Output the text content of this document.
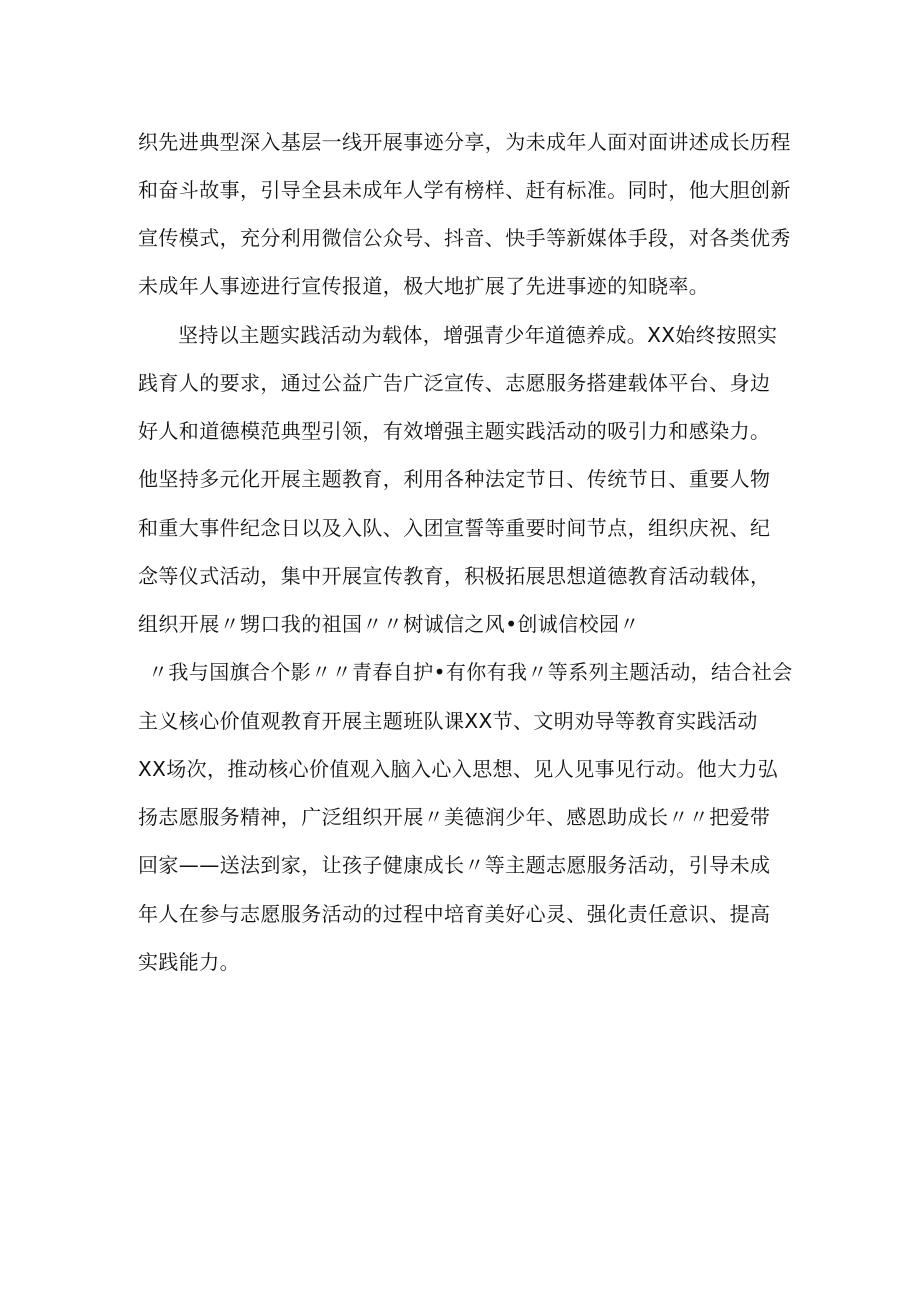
织先进典型深入基层一线开展事迹分享，为未成年人面对面讲述成长历程
和奋斗故事，引导全县未成年人学有榜样、赶有标准。同时，他大胆创新
宣传模式，充分利用微信公众号、抖音、快手等新媒体手段，对各类优秀
未成年人事迹进行宣传报道，极大地扩展了先进事迹的知晓率。
坚持以主题实践活动为载体，增强青少年道德养成。XX始终按照实
践育人的要求，通过公益广告广泛宣传、志愿服务搭建载体平台、身边
好人和道德模范典型引领，有效增强主题实践活动的吸引力和感染力。
他坚持多元化开展主题教育，利用各种法定节日、传统节日、重要人物
和重大事件纪念日以及入队、入团宣誓等重要时间节点，组织庆祝、纪
念等仪式活动，集中开展宣传教育，积极拓展思想道德教育活动载体，
组织开展〃甥口我的祖国〃〃树诚信之风•创诚信校园〃
〃我与国旗合个影〃〃青春自护•有你有我〃等系列主题活动，结合社会
主义核心价值观教育开展主题班队课XX节、文明劝导等教育实践活动
XX场次，推动核心价值观入脑入心入思想、见人见事见行动。他大力弘
扬志愿服务精神，广泛组织开展〃美德润少年、感恩助成长〃〃把爱带
回家——送法到家，让孩子健康成长〃等主题志愿服务活动，引导未成
年人在参与志愿服务活动的过程中培育美好心灵、强化责任意识、提高
实践能力。
